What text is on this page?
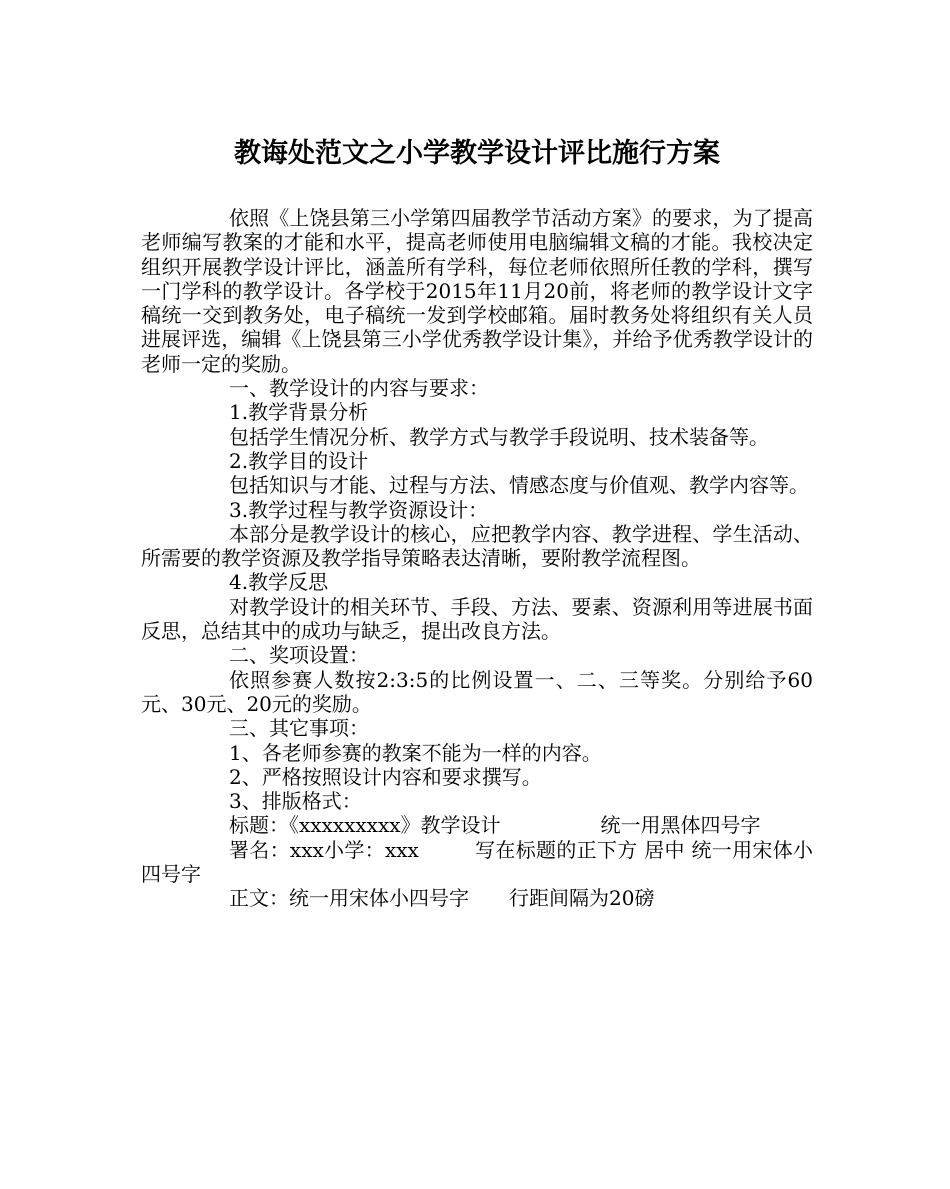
教诲处范文之小学教学设计评比施行方案

依照《上饶县第三小学第四届教学节活动方案》的要求，为了提高老师编写教案的才能和水平，提高老师使用电脑编辑文稿的才能。我校决定组织开展教学设计评比，涵盖所有学科，每位老师依照所任教的学科，撰写一门学科的教学设计。各学校于2015年11月20前，将老师的教学设计文字稿统一交到教务处，电子稿统一发到学校邮箱。届时教务处将组织有关人员进展评选，编辑《上饶县第三小学优秀教学设计集》，并给予优秀教学设计的老师一定的奖励。

一、教学设计的内容与要求：

1.教学背景分析

包括学生情况分析、教学方式与教学手段说明、技术装备等。

2.教学目的设计

包括知识与才能、过程与方法、情感态度与价值观、教学内容等。

3.教学过程与教学资源设计：

本部分是教学设计的核心，应把教学内容、教学进程、学生活动、所需要的教学资源及教学指导策略表达清晰，要附教学流程图。

4.教学反思

对教学设计的相关环节、手段、方法、要素、资源利用等进展书面反思，总结其中的成功与缺乏，提出改良方法。

二、奖项设置：

依照参赛人数按2:3:5的比例设置一、二、三等奖。分别给予60元、30元、20元的奖励。

三、其它事项：

1、各老师参赛的教案不能为一样的内容。

2、严格按照设计内容和要求撰写。

3、排版格式：

标题：《xxxxxxxxx》教学设计	统一用黑体四号字

署名：xxx小学：xxx	写在标题的正下方 居中 统一用宋体小四号字

正文：统一用宋体小四号字 行距间隔为20磅
